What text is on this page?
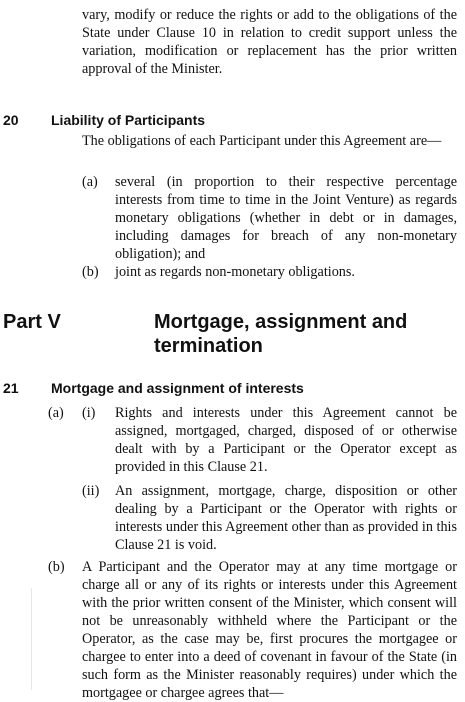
vary, modify or reduce the rights or add to the obligations of the State under Clause 10 in relation to credit support unless the variation, modification or replacement has the prior written approval of the Minister.
20 Liability of Participants
The obligations of each Participant under this Agreement are—
(a) several (in proportion to their respective percentage interests from time to time in the Joint Venture) as regards monetary obligations (whether in debt or in damages, including damages for breach of any non-monetary obligation); and
(b) joint as regards non-monetary obligations.
Part V	Mortgage, assignment and termination
21 Mortgage and assignment of interests
(a) (i) Rights and interests under this Agreement cannot be assigned, mortgaged, charged, disposed of or otherwise dealt with by a Participant or the Operator except as provided in this Clause 21.
(ii) An assignment, mortgage, charge, disposition or other dealing by a Participant or the Operator with rights or interests under this Agreement other than as provided in this Clause 21 is void.
(b) A Participant and the Operator may at any time mortgage or charge all or any of its rights or interests under this Agreement with the prior written consent of the Minister, which consent will not be unreasonably withheld where the Participant or the Operator, as the case may be, first procures the mortgagee or chargee to enter into a deed of covenant in favour of the State (in such form as the Minister reasonably requires) under which the mortgagee or chargee agrees that—
